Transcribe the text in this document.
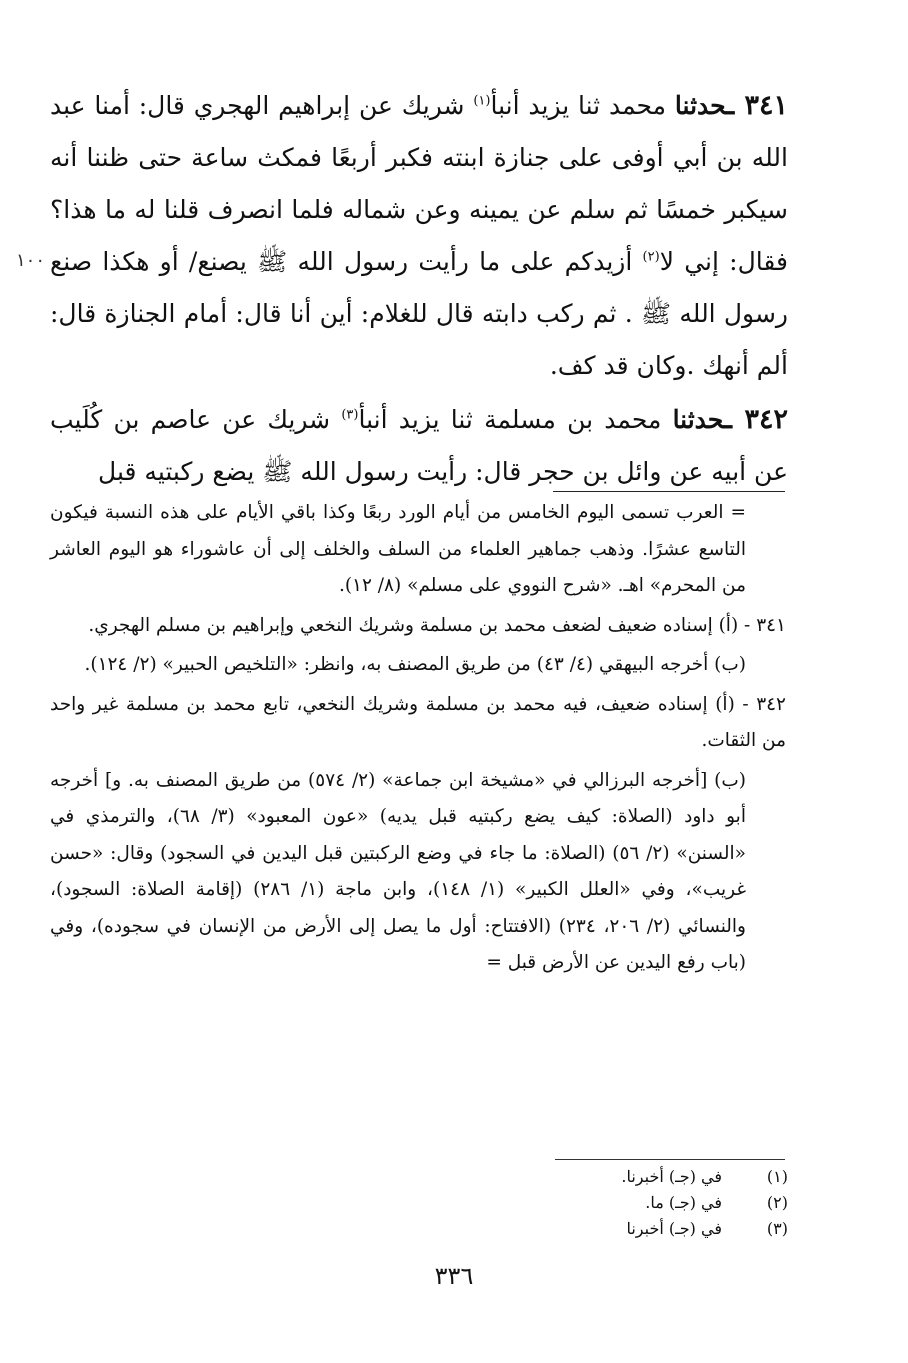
١٠٠

٣٤١ ـحدثنا محمد ثنا يزيد أنبأ$^{(١)}$ شريك عن إبراهيم الهجري قال: أمنا عبد الله بن أبي أوفى على جنازة ابنته فكبر أربعًا فمكث ساعة حتى ظننا أنه سيكبر خمسًا ثم سلم عن يمينه وعن شماله فلما انصرف قلنا له ما هذا؟ فقال: إني لا$^{(٢)}$ أزيدكم على ما رأيت رسول الله ﷺ يصنع/ أو هكذا صنع رسول الله ﷺ . ثم ركب دابته قال للغلام: أين أنا قال: أمام الجنازة قال: ألم أنهك .وكان قد كف.

٣٤٢ ـحدثنا محمد بن مسلمة ثنا يزيد أنبأ$^{(٣)}$ شريك عن عاصم بن كُلَيب عن أبيه عن وائل بن حجر قال: رأيت رسول الله ﷺ يضع ركبتيه قبل

= العرب تسمى اليوم الخامس من أيام الورد ربعًا وكذا باقي الأيام على هذه النسبة فيكون التاسع عشرًا. وذهب جماهير العلماء من السلف والخلف إلى أن عاشوراء هو اليوم العاشر من المحرم» اهـ. «شرح النووي على مسلم» (٨/ ١٢).

٣٤١ - (أ) إسناده ضعيف لضعف محمد بن مسلمة وشريك النخعي وإبراهيم بن مسلم الهجري.

(ب) أخرجه البيهقي (٤/ ٤٣) من طريق المصنف به، وانظر: «التلخيص الحبير» (٢/ ١٢٤).

٣٤٢ - (أ) إسناده ضعيف، فيه محمد بن مسلمة وشريك النخعي، تابع محمد بن مسلمة غير واحد من الثقات.

(ب) [أخرجه البرزالي في «مشيخة ابن جماعة» (٢/ ٥٧٤) من طريق المصنف به. و] أخرجه أبو داود (الصلاة: كيف يضع ركبتيه قبل يديه) «عون المعبود» (٣/ ٦٨)، والترمذي في «السنن» (٢/ ٥٦) (الصلاة: ما جاء في وضع الركبتين قبل اليدين في السجود) وقال: «حسن غريب»، وفي «العلل الكبير» (١/ ١٤٨)، وابن ماجة (١/ ٢٨٦) (إقامة الصلاة: السجود)، والنسائي (٢/ ٢٠٦، ٢٣٤) (الافتتاح: أول ما يصل إلى الأرض من الإنسان في سجوده)، وفي (باب رفع اليدين عن الأرض قبل =

(١)
في (جـ) أخبرنا.
(٢)
في (جـ) ما.
(٣)
في (جـ) أخبرنا
٣٣٦
